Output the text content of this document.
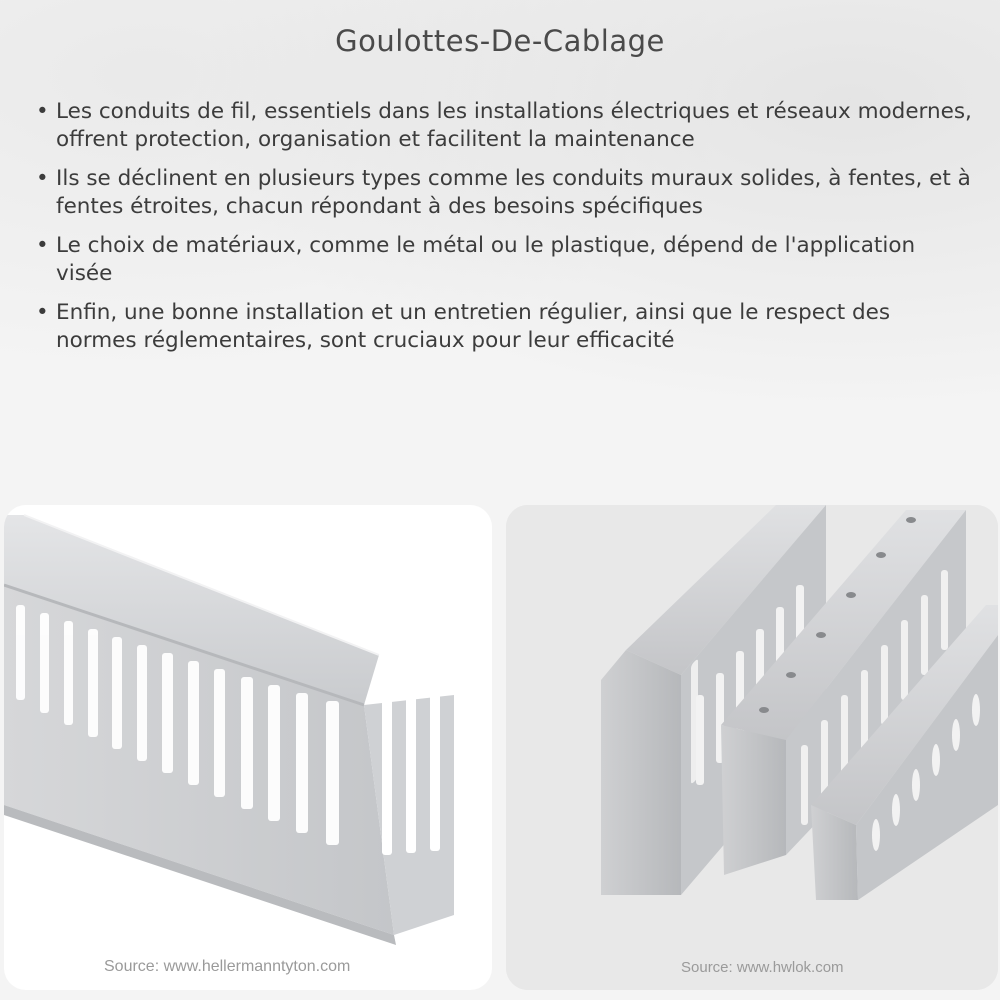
Goulottes-De-Cablage
• Les conduits de fil, essentiels dans les installations électriques et réseaux modernes, offrent protection, organisation et facilitent la maintenance
• Ils se déclinent en plusieurs types comme les conduits muraux solides, à fentes, et à fentes étroites, chacun répondant à des besoins spécifiques
• Le choix de matériaux, comme le métal ou le plastique, dépend de l'application visée
• Enfin, une bonne installation et un entretien régulier, ainsi que le respect des normes réglementaires, sont cruciaux pour leur efficacité
Source: www.hellermanntyton.com	Source: www.hwlok.com
